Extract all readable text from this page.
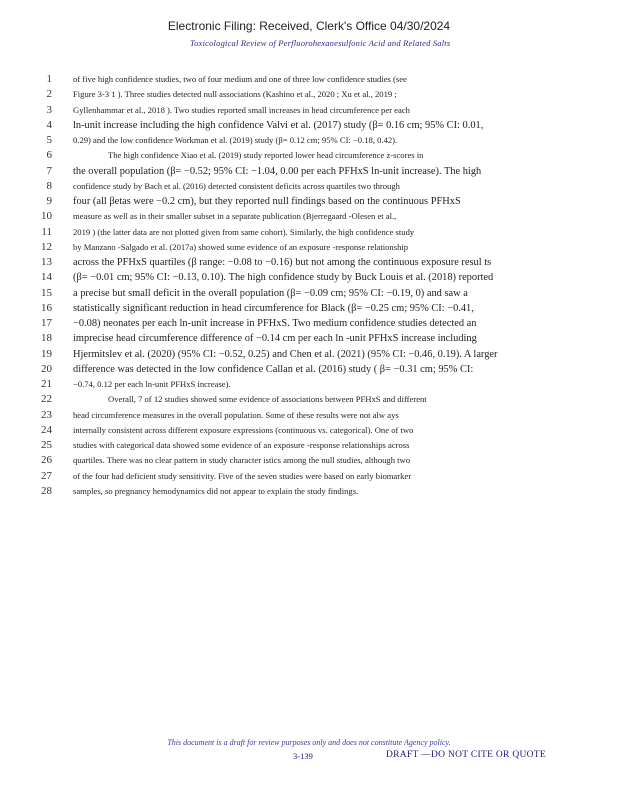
Electronic Filing: Received, Clerk's Office 04/30/2024
Toxicological Review of Perfluorohexanesulfonic Acid and Related Salts
1 of five high confidence studies, two of four medium and one of three low confidence studies (see
2 Figure 3-3 1 ). Three studies detected null associations (Kashino et al., 2020 ; Xu et al., 2019 ;
3 Gyllenhammar et al., 2018 ). Two studies reported small increases in head circumference per each
4 ln-unit increase including the high confidence Valvi et al. (2017) study (β= 0.16 cm; 95% CI: 0.01,
5 0.29) and the low confidence Workman et al. (2019) study (β= 0.12 cm; 95% CI: −0.18, 0.42).
6	The high confidence Xiao et al. (2019) study reported lower head circumference z-scores in
7 the overall population (β= −0.52; 95% CI: −1.04, 0.00 per each PFHxS ln-unit increase). The high
8 confidence study by Bach et al. (2016) detected consistent deficits across quartiles two through
9 four (all βetas were −0.2 cm), but they reported null findings based on the continuous PFHxS
10 measure as well as in their smaller subset in a separate publication (Bjerregaard -Olesen et al.,
11 2019 ) (the latter data are not plotted given from same cohort). Similarly, the high confidence study
12 by Manzano -Salgado et al. (2017a) showed some evidence of an exposure -response relationship
13 across the PFHxS quartiles (β range: −0.08 to −0.16) but not among the continuous exposure resul ts
14 (β= −0.01 cm; 95% CI: −0.13, 0.10). The high confidence study by Buck Louis et al. (2018) reported
15 a precise but small deficit in the overall population (β= −0.09 cm; 95% CI: −0.19, 0) and saw a
16 statistically significant reduction in head circumference for Black (β= −0.25 cm; 95% CI: −0.41,
17 −0.08) neonates per each ln-unit increase in PFHxS. Two medium confidence studies detected an
18 imprecise head circumference difference of −0.14 cm per each ln -unit PFHxS increase including
19 Hjermitslev et al. (2020) (95% CI: −0.52, 0.25) and Chen et al. (2021) (95% CI: −0.46, 0.19). A larger
20 difference was detected in the low confidence Callan et al. (2016) study ( β= −0.31 cm; 95% CI:
21 −0.74, 0.12 per each ln-unit PFHxS increase).
22	Overall, 7 of 12 studies showed some evidence of associations between PFHxS and different
23 head circumference measures in the overall population. Some of these results were not alw ays
24 internally consistent across different exposure expressions (continuous vs. categorical). One of two
25 studies with categorical data showed some evidence of an exposure -response relationships across
26 quartiles. There was no clear pattern in study character istics among the null studies, although two
27 of the four had deficient study sensitivity. Five of the seven studies were based on early biomarker
28 samples, so pregnancy hemodynamics did not appear to explain the study findings.
This document is a draft for review purposes only and does not constitute Agency policy.
3-139	DRAFT —DO NOT CITE OR QUOTE
